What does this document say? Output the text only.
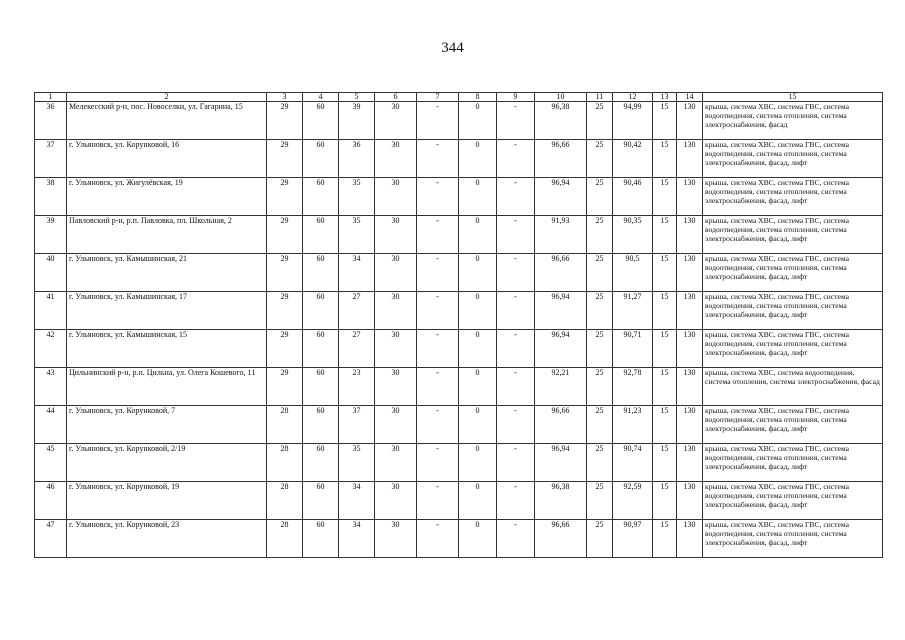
344
1	2	3	4	5	6	7	8	9	10	11	12	13	14	15
36	Мелекесский р-н, пос. Новоселки, ул. Гагарина, 15	29	60	39	30	-	0	-	96,38	25	94,99	15	130	крыша, система ХВС, система ГВС, система водоотведения, система отопления, система электроснабжения, фасад
37	г. Ульяновск, ул. Корунковой, 16	29	60	36	30	-	0	-	96,66	25	90,42	15	130	крыша, система ХВС, система ГВС, система водоотведения, система отопления, система электроснабжения, фасад, лифт
38	г. Ульяновск, ул. Жигулёвская, 19	29	60	35	30	-	0	-	96,94	25	90,46	15	130	крыша, система ХВС, система ГВС, система водоотведения, система отопления, система электроснабжения, фасад, лифт
39	Павловский р-н, р.п. Павловка, пл. Школьная, 2	29	60	35	30	-	0	-	91,93	25	90,35	15	130	крыша, система ХВС, система ГВС, система водоотведения, система отопления, система электроснабжения, фасад, лифт
40	г. Ульяновск, ул. Камышинская, 21	29	60	34	30	-	0	-	96,66	25	90,5	15	130	крыша, система ХВС, система ГВС, система водоотведения, система отопления, система электроснабжения, фасад, лифт
41	г. Ульяновск, ул. Камышинская, 17	29	60	27	30	-	0	-	96,94	25	91,27	15	130	крыша, система ХВС, система ГВС, система водоотведения, система отопления, система электроснабжения, фасад, лифт
42	г. Ульяновск, ул. Камышинская, 15	29	60	27	30	-	0	-	96,94	25	90,71	15	130	крыша, система ХВС, система ГВС, система водоотведения, система отопления, система электроснабжения, фасад, лифт
43	Цильнинский р-н, р.п. Цильна, ул. Олега Кошевого, 11	29	60	23	30	-	0	-	92,21	25	92,78	15	130	крыша, система ХВС, система водоотведения, система отопления, система электроснабжения, фасад
44	г. Ульяновск, ул. Корунковой, 7	28	60	37	30	-	0	-	96,66	25	91,23	15	130	крыша, система ХВС, система ГВС, система водоотведения, система отопления, система электроснабжения, фасад, лифт
45	г. Ульяновск, ул. Корунковой, 2/19	28	60	35	30	-	0	-	96,94	25	90,74	15	130	крыша, система ХВС, система ГВС, система водоотведения, система отопления, система электроснабжения, фасад, лифт
46	г. Ульяновск, ул. Корунковой, 19	28	60	34	30	-	0	-	96,38	25	92,59	15	130	крыша, система ХВС, система ГВС, система водоотведения, система отопления, система электроснабжения, фасад, лифт
47	г. Ульяновск, ул. Корунковой, 23	28	60	34	30	-	0	-	96,66	25	90,97	15	130	крыша, система ХВС, система ГВС, система водоотведения, система отопления, система электроснабжения, фасад, лифт
